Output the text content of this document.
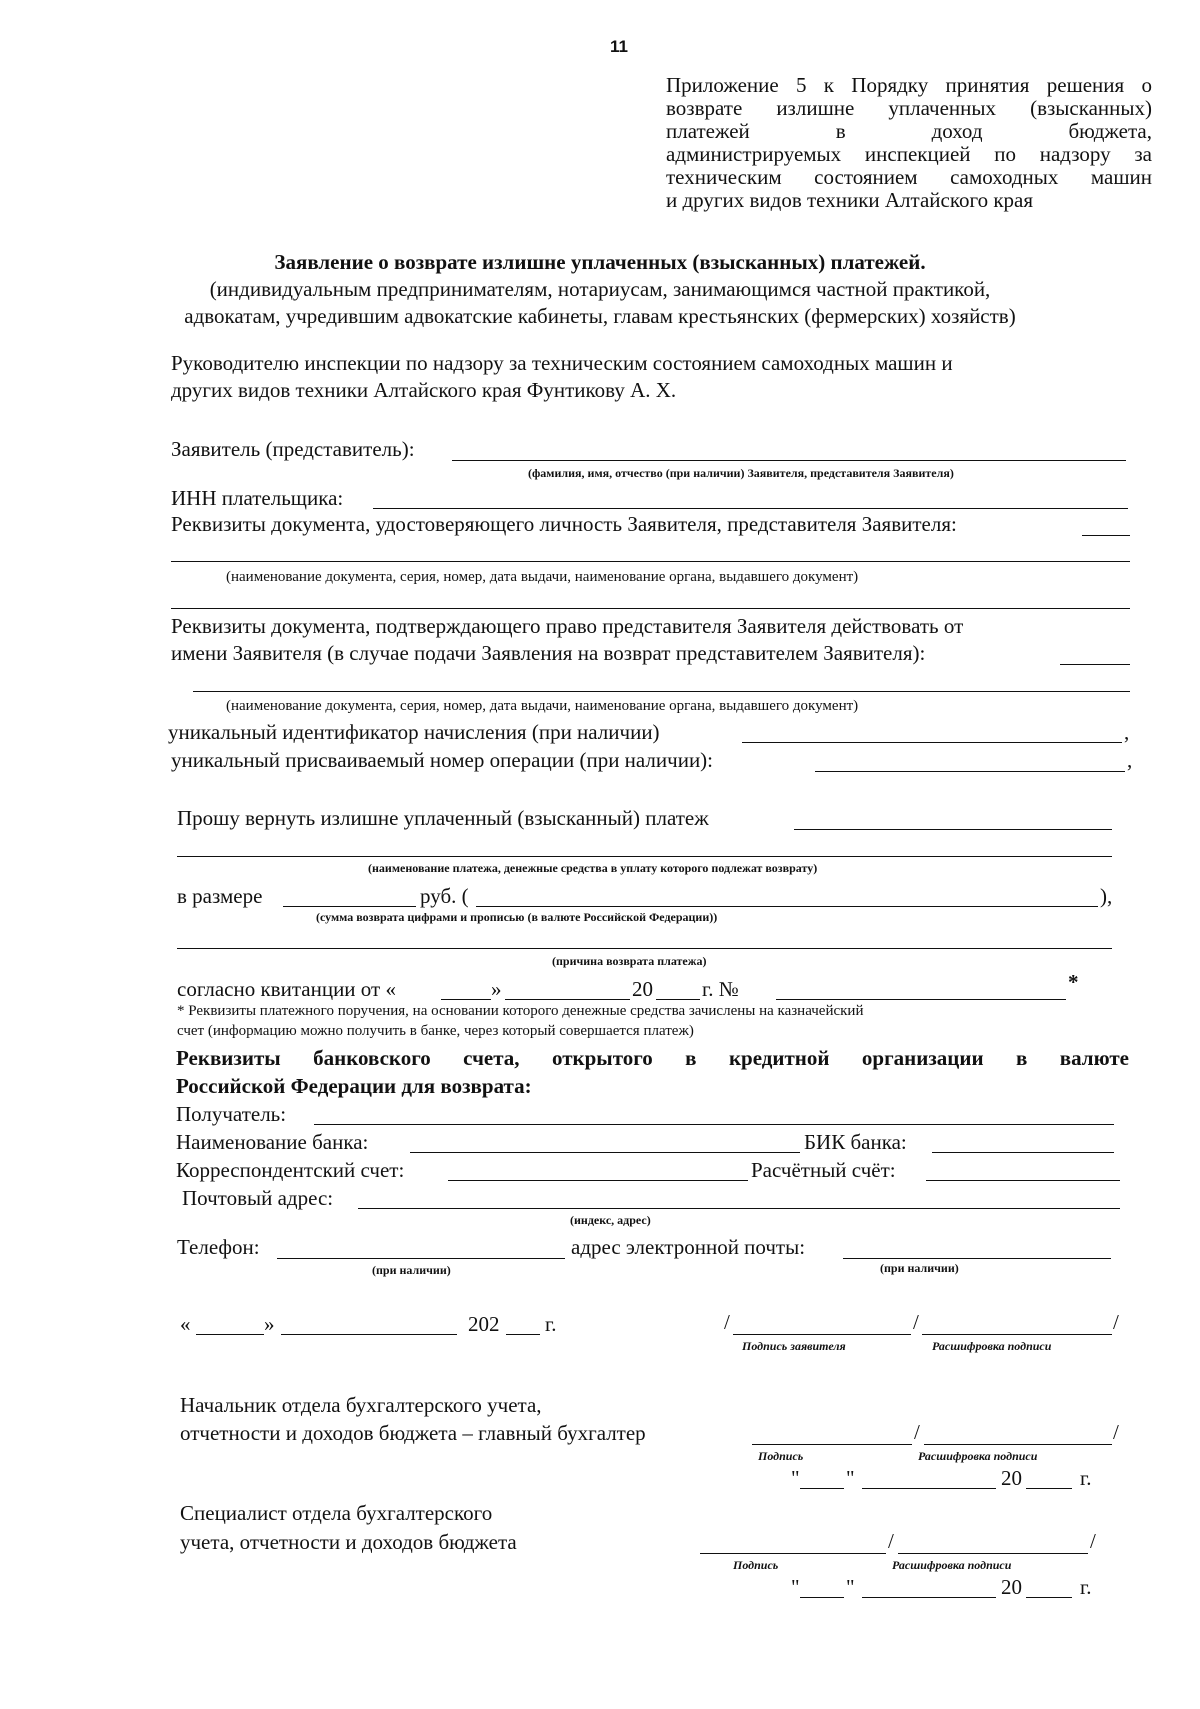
11
Приложение 5 к Порядку принятия решения о
возврате излишне уплаченных (взысканных)
платежей в доход бюджета,
администрируемых инспекцией по надзору за
техническим состоянием самоходных машин
и других видов техники Алтайского края
Заявление о возврате излишне уплаченных (взысканных) платежей.
(индивидуальным предпринимателям, нотариусам, занимающимся частной практикой,
адвокатам, учредившим адвокатские кабинеты, главам крестьянских (фермерских) хозяйств)
Руководителю инспекции по надзору за техническим состоянием самоходных машин и
других видов техники Алтайского края Фунтикову А. Х.
Заявитель (представитель):
(фамилия, имя, отчество (при наличии) Заявителя, представителя Заявителя)
ИНН плательщика:
Реквизиты документа, удостоверяющего личность Заявителя, представителя Заявителя:
(наименование документа, серия, номер, дата выдачи, наименование органа, выдавшего документ)
Реквизиты документа, подтверждающего право представителя Заявителя действовать от
имени Заявителя (в случае подачи Заявления на возврат представителем Заявителя):
(наименование документа, серия, номер, дата выдачи, наименование органа, выдавшего документ)
уникальный идентификатор начисления (при наличии)	,
уникальный присваиваемый номер операции (при наличии):	,
Прошу вернуть излишне уплаченный (взысканный) платеж
(наименование платежа, денежные средства в уплату которого подлежат возврату)
в размере	руб. (	),
(сумма возврата цифрами и прописью (в валюте Российской Федерации))
(причина возврата платежа)
согласно квитанции от «	»	20 г. №	*
* Реквизиты платежного поручения, на основании которого денежные средства зачислены на казначейский
счет (информацию можно получить в банке, через который совершается платеж)
Реквизиты банковского счета, открытого в кредитной организации в валюте
Российской Федерации для возврата:
Получатель:
Наименование банка:	БИК банка:
Корреспондентский счет:	Расчётный счёт:
Почтовый адрес:
(индекс, адрес)
Телефон:	адрес электронной почты:
(при наличии)	(при наличии)
«	»	202 г.	/	/	/
Подпись заявителя	Расшифровка подписи
Начальник отдела бухгалтерского учета,
отчетности и доходов бюджета – главный бухгалтер	/	/
Подпись	Расшифровка подписи
" "	20	г.
Специалист отдела бухгалтерского
учета, отчетности и доходов бюджета	/	/
Подпись	Расшифровка подписи
" "	20	г.
